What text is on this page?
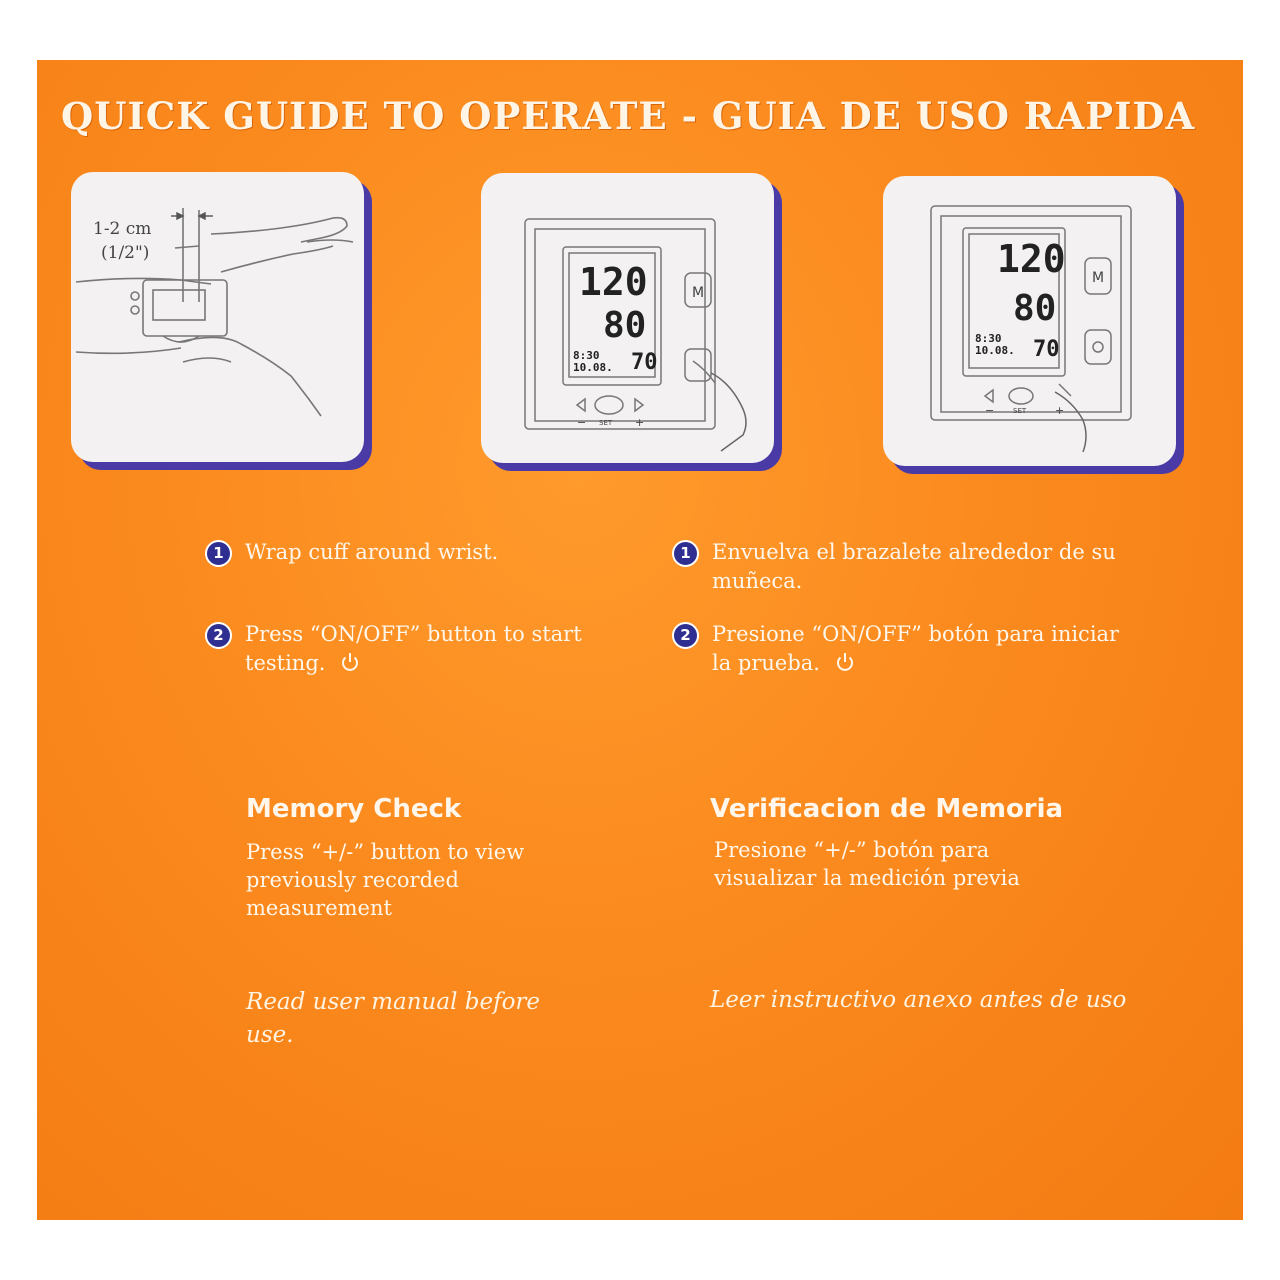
QUICK GUIDE TO OPERATE - GUIA DE USO RAPIDA
1-2 cm
(1/2")
120
80
70
8:30
10.08.
M
SET
−	+
120
80
70
8:30
10.08.
M
SET
−	+
1	Wrap cuff around wrist.
2	Press “ON/OFF” button to start testing.
1	Envuelva el brazalete alrededor de su muñeca.
2	Presione “ON/OFF” botón para iniciar la prueba.
Memory Check
Press “+/-” button to view previously recorded measurement
Verificacion de Memoria
Presione “+/-” botón para visualizar la medición previa
Read user manual before use.
Leer instructivo anexo antes de uso
